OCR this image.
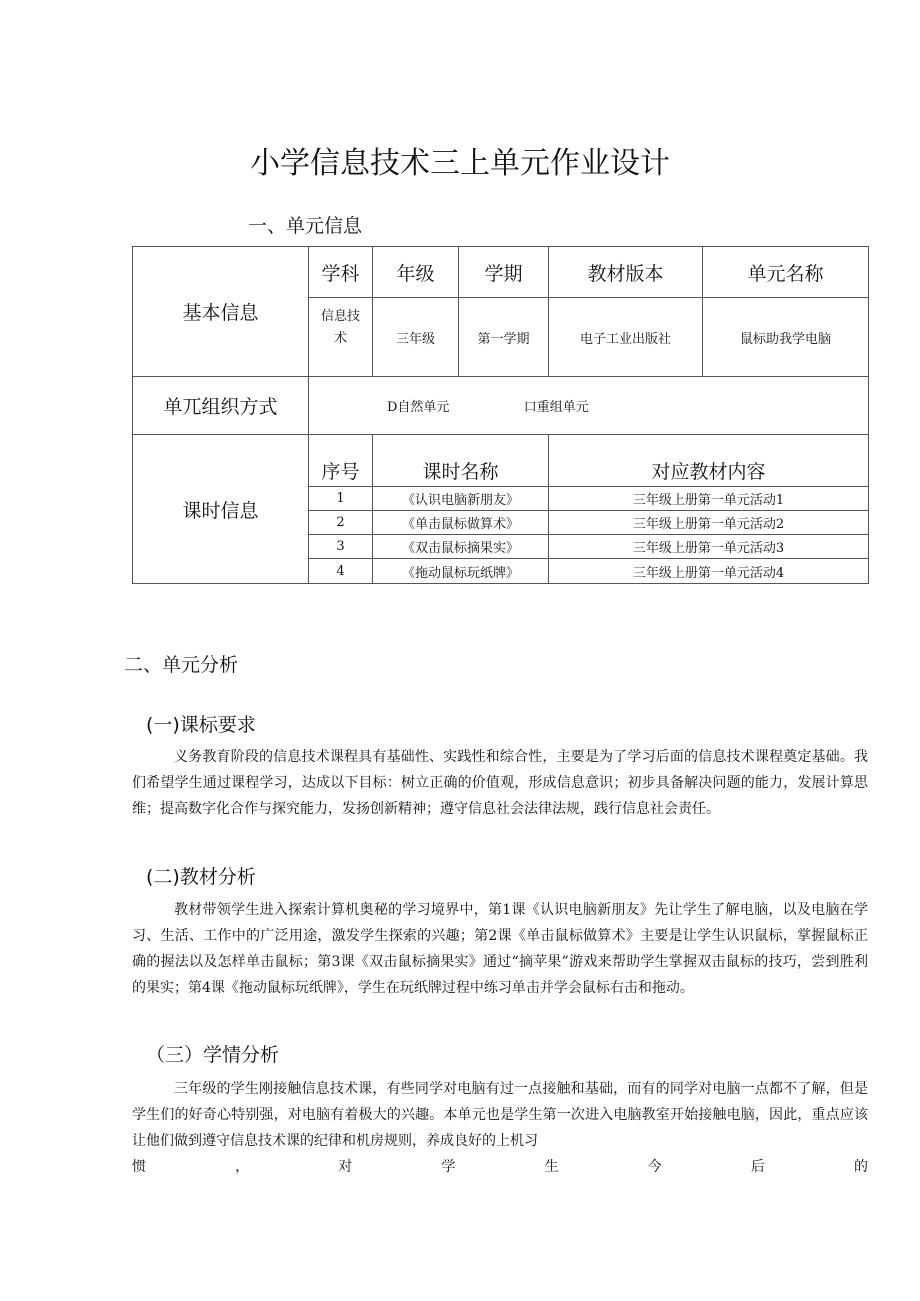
小学信息技术三上单元作业设计
一、单元信息
基本信息	学科	年级	学期	教材版本	单元名称
	信息技术	三年级	第一学期	电子工业出版社	鼠标助我学电脑
单兀组织方式	D自然单元 口重组单元				
课时信息	序号	课时名称		对应教材内容	
	1	《认识电脑新朋友》		三年级上册第一单元活动1	
	2	《单击鼠标做算术》		三年级上册第一单元活动2	
	3	《双击鼠标摘果实》		三年级上册第一单元活动3	
	4	《拖动鼠标玩纸牌》		三年级上册第一单元活动4	
二、单元分析
(一)课标要求
义务教育阶段的信息技术课程具有基础性、实践性和综合性，主要是为了学习后面的信息技术课程奠定基础。我们希望学生通过课程学习，达成以下目标：树立正确的价值观，形成信息意识；初步具备解决问题的能力，发展计算思维；提高数字化合作与探究能力，发扬创新精神；遵守信息社会法律法规，践行信息社会责任。
(二)教材分析
教材带领学生进入探索计算机奥秘的学习境界中，第1课《认识电脑新朋友》先让学生了解电脑，以及电脑在学习、生活、工作中的广泛用途，激发学生探索的兴趣；第2课《单击鼠标做算术》主要是让学生认识鼠标，掌握鼠标正确的握法以及怎样单击鼠标；第3课《双击鼠标摘果实》通过“摘苹果”游戏来帮助学生掌握双击鼠标的技巧，尝到胜利的果实；第4课《拖动鼠标玩纸牌》，学生在玩纸牌过程中练习单击并学会鼠标右击和拖动。
（三）学情分析
三年级的学生刚接触信息技术课，有些同学对电脑有过一点接触和基础，而有的同学对电脑一点都不了解，但是学生们的好奇心特别强，对电脑有着极大的兴趣。本单元也是学生第一次进入电脑教室开始接触电脑，因此，重点应该让他们做到遵守信息技术课的纪律和机房规则，养成良好的上机习
惯	，	对	学	生	今	后	的
